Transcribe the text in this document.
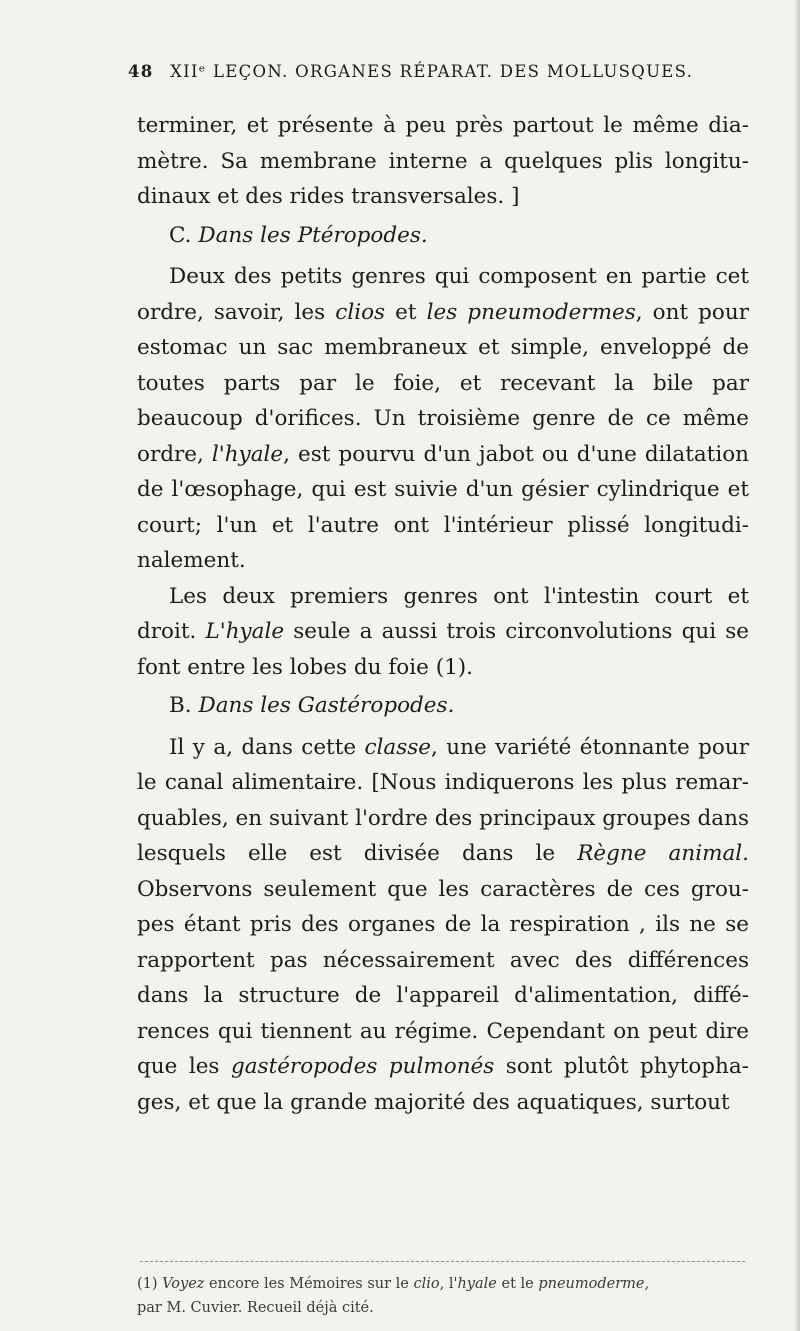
48 XIIᵉ LEÇON. ORGANES RÉPARAT. DES MOLLUSQUES.

terminer, et présente à peu près partout le même dia- mètre. Sa membrane interne a quelques plis longitu- dinaux et des rides transversales. ]

C. Dans les Ptéropodes.

Deux des petits genres qui composent en partie cet ordre, savoir, les clios et les pneumodermes, ont pour estomac un sac membraneux et simple, enveloppé de toutes parts par le foie, et recevant la bile par beaucoup d'orifices. Un troisième genre de ce même ordre, l'hyale, est pourvu d'un jabot ou d'une dilatation de l'œsophage, qui est suivie d'un gésier cylindrique et court; l'un et l'autre ont l'intérieur plissé longitudi- nalement.

Les deux premiers genres ont l'intestin court et droit. L'hyale seule a aussi trois circonvolutions qui se font entre les lobes du foie (1).

B. Dans les Gastéropodes.

Il y a, dans cette classe, une variété étonnante pour le canal alimentaire. [Nous indiquerons les plus remar- quables, en suivant l'ordre des principaux groupes dans lesquels elle est divisée dans le Règne animal. Observons seulement que les caractères de ces grou- pes étant pris des organes de la respiration , ils ne se rapportent pas nécessairement avec des différences dans la structure de l'appareil d'alimentation, diffé- rences qui tiennent au régime. Cependant on peut dire que les gastéropodes pulmonés sont plutôt phytopha- ges, et que la grande majorité des aquatiques, surtout

(1) Voyez encore les Mémoires sur le clio, l'hyale et le pneumoderme,
par M. Cuvier. Recueil déjà cité.
